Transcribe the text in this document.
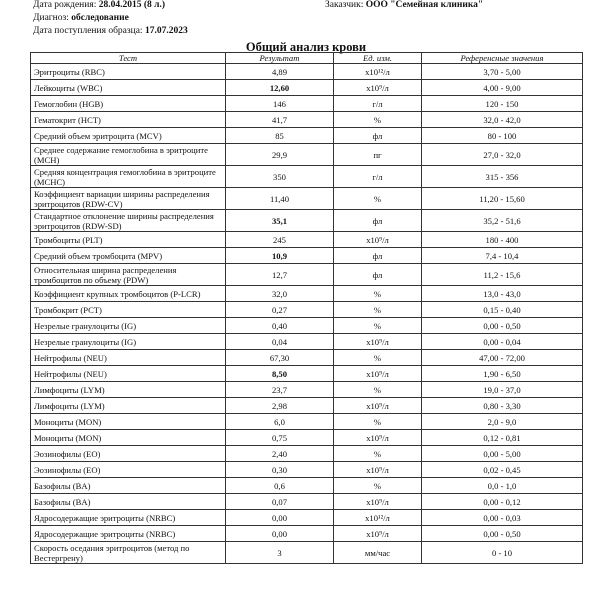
Дата рождения: 28.04.2015 (8 л.)	Заказчик: ООО "Семейная клиника"
Диагноз: обследование
Дата поступления образца: 17.07.2023
Общий анализ крови
Тест	Результат	Ед. изм.	Референсные значения
Эритроциты (RBC)	4,89	x10¹²/л	3,70 - 5,00
Лейкоциты (WBC)	12,60	x10⁹/л	4,00 - 9,00
Гемоглобин (HGB)	146	г/л	120 - 150
Гематокрит (HCT)	41,7	%	32,0 - 42,0
Средний объем эритроцита (MCV)	85	фл	80 - 100
Среднее содержание гемоглобина в эритроците (MCH)	29,9	пг	27,0 - 32,0
Средняя концентрация гемоглобина в эритроците (MCHC)	350	г/л	315 - 356
Коэффициент вариации ширины распределения эритроцитов (RDW-CV)	11,40	%	11,20 - 15,60
Стандартное отклонение ширины распределения эритроцитов (RDW-SD)	35,1	фл	35,2 - 51,6
Тромбоциты (PLT)	245	x10⁹/л	180 - 400
Средний объем тромбоцита (MPV)	10,9	фл	7,4 - 10,4
Относительная ширина распределения тромбоцитов по объему (PDW)	12,7	фл	11,2 - 15,6
Коэффициент крупных тромбоцитов (P-LCR)	32,0	%	13,0 - 43,0
Тромбокрит (PCT)	0,27	%	0,15 - 0,40
Незрелые гранулоциты (IG)	0,40	%	0,00 - 0,50
Незрелые гранулоциты (IG)	0,04	x10⁹/л	0,00 - 0,04
Нейтрофилы (NEU)	67,30	%	47,00 - 72,00
Нейтрофилы (NEU)	8,50	x10⁹/л	1,90 - 6,50
Лимфоциты (LYM)	23,7	%	19,0 - 37,0
Лимфоциты (LYM)	2,98	x10⁹/л	0,80 - 3,30
Моноциты (MON)	6,0	%	2,0 - 9,0
Моноциты (MON)	0,75	x10⁹/л	0,12 - 0,81
Эозинофилы (EO)	2,40	%	0,00 - 5,00
Эозинофилы (EO)	0,30	x10⁹/л	0,02 - 0,45
Базофилы (BA)	0,6	%	0,0 - 1,0
Базофилы (BA)	0,07	x10⁹/л	0,00 - 0,12
Ядросодержащие эритроциты (NRBC)	0,00	x10¹²/л	0,00 - 0,03
Ядросодержащие эритроциты (NRBC)	0,00	x10⁹/л	0,00 - 0,50
Скорость оседания эритроцитов (метод по Вестергрену)	3	мм/час	0 - 10
